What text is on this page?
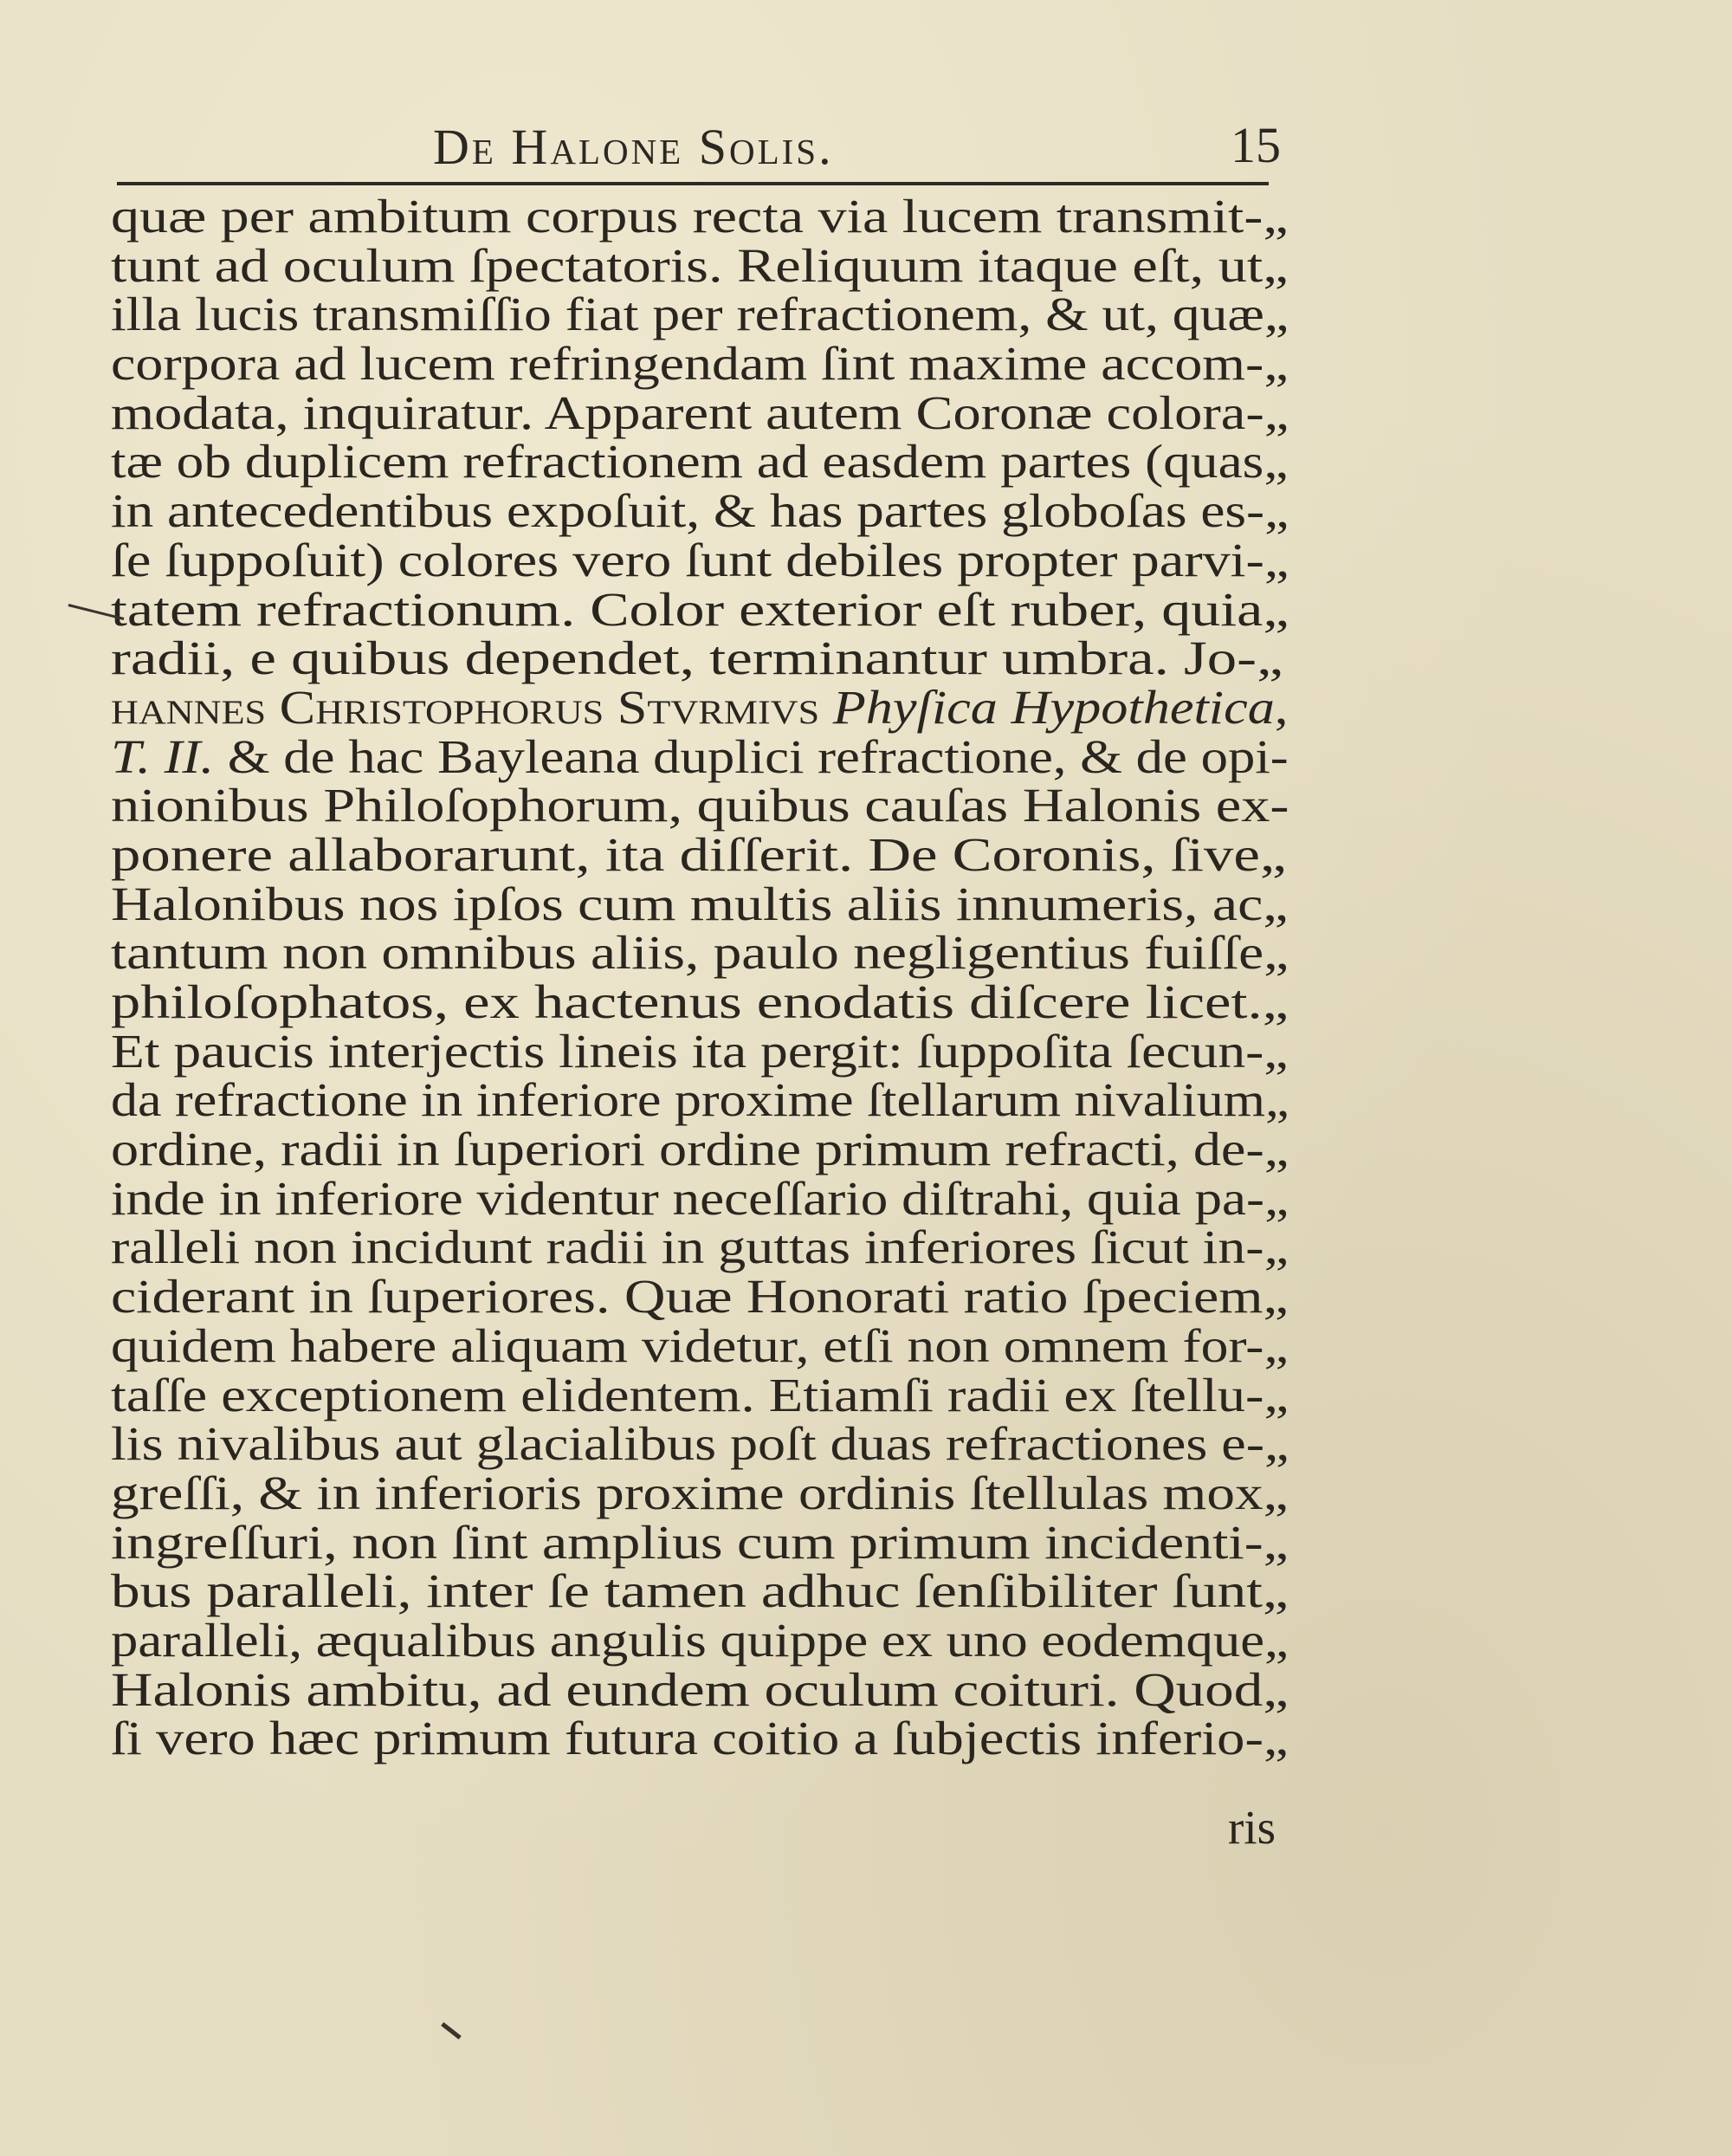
De Halone Solis.	15
quæ per ambitum corpus recta via lucem transmit-„
tunt ad oculum ſpectatoris. Reliquum itaque eſt, ut„
illa lucis transmiſſio fiat per refractionem, & ut, quæ„
corpora ad lucem refringendam ſint maxime accom-„
modata, inquiratur. Apparent autem Coronæ colora-„
tæ ob duplicem refractionem ad easdem partes (quas„
in antecedentibus expoſuit, & has partes globoſas es-„
ſe ſuppoſuit) colores vero ſunt debiles propter parvi-„
tatem refractionum. Color exterior eſt ruber, quia„
radii, e quibus dependet, terminantur umbra. Jo-„
hannes Christophorus Stvrmivs Phyſica Hypothetica,
T. II. & de hac Bayleana duplici refractione, & de opi-
nionibus Philoſophorum, quibus cauſas Halonis ex-
ponere allaborarunt, ita diſſerit. De Coronis, ſive„
Halonibus nos ipſos cum multis aliis innumeris, ac„
tantum non omnibus aliis, paulo negligentius fuiſſe„
philoſophatos, ex hactenus enodatis diſcere licet.„
Et paucis interjectis lineis ita pergit: ſuppoſita ſecun-„
da refractione in inferiore proxime ſtellarum nivalium„
ordine, radii in ſuperiori ordine primum refracti, de-„
inde in inferiore videntur neceſſario diſtrahi, quia pa-„
ralleli non incidunt radii in guttas inferiores ſicut in-„
ciderant in ſuperiores. Quæ Honorati ratio ſpeciem„
quidem habere aliquam videtur, etſi non omnem for-„
taſſe exceptionem elidentem. Etiamſi radii ex ſtellu-„
lis nivalibus aut glacialibus poſt duas refractiones e-„
greſſi, & in inferioris proxime ordinis ſtellulas mox„
ingreſſuri, non ſint amplius cum primum incidenti-„
bus paralleli, inter ſe tamen adhuc ſenſibiliter ſunt„
paralleli, æqualibus angulis quippe ex uno eodemque„
Halonis ambitu, ad eundem oculum coituri. Quod„
ſi vero hæc primum futura coitio a ſubjectis inferio-„
ris
